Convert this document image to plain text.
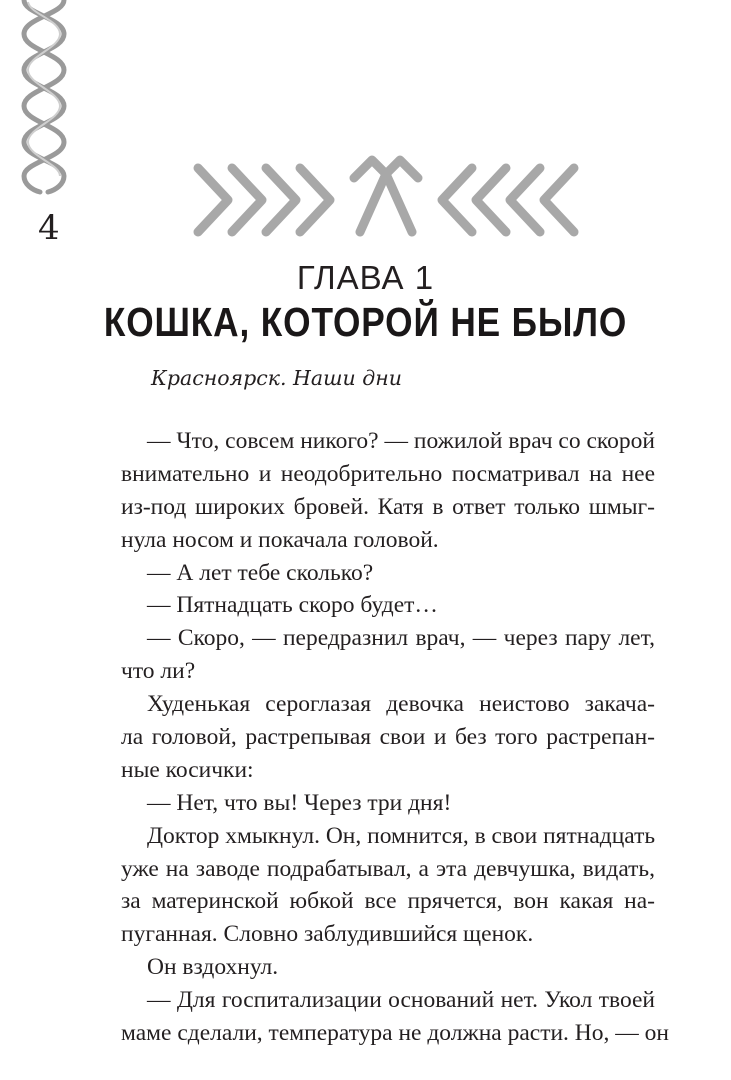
4
ГЛАВА 1
КОШКА, КОТОРОЙ НЕ БЫЛО
Красноярск. Наши дни
— Что, совсем никого? — пожилой врач со скорой
внимательно и неодобрительно посматривал на нее
из-под широких бровей. Катя в ответ только шмыг-
нула носом и покачала головой.
— А лет тебе сколько?
— Пятнадцать скоро будет…
— Скоро, — передразнил врач, — через пару лет,
что ли?
Худенькая сероглазая девочка неистово закача-
ла головой, растрепывая свои и без того растрепан-
ные косички:
— Нет, что вы! Через три дня!
Доктор хмыкнул. Он, помнится, в свои пятнадцать
уже на заводе подрабатывал, а эта девчушка, видать,
за материнской юбкой все прячется, вон какая на-
пуганная. Словно заблудившийся щенок.
Он вздохнул.
— Для госпитализации оснований нет. Укол твоей
маме сделали, температура не должна расти. Но, — он
